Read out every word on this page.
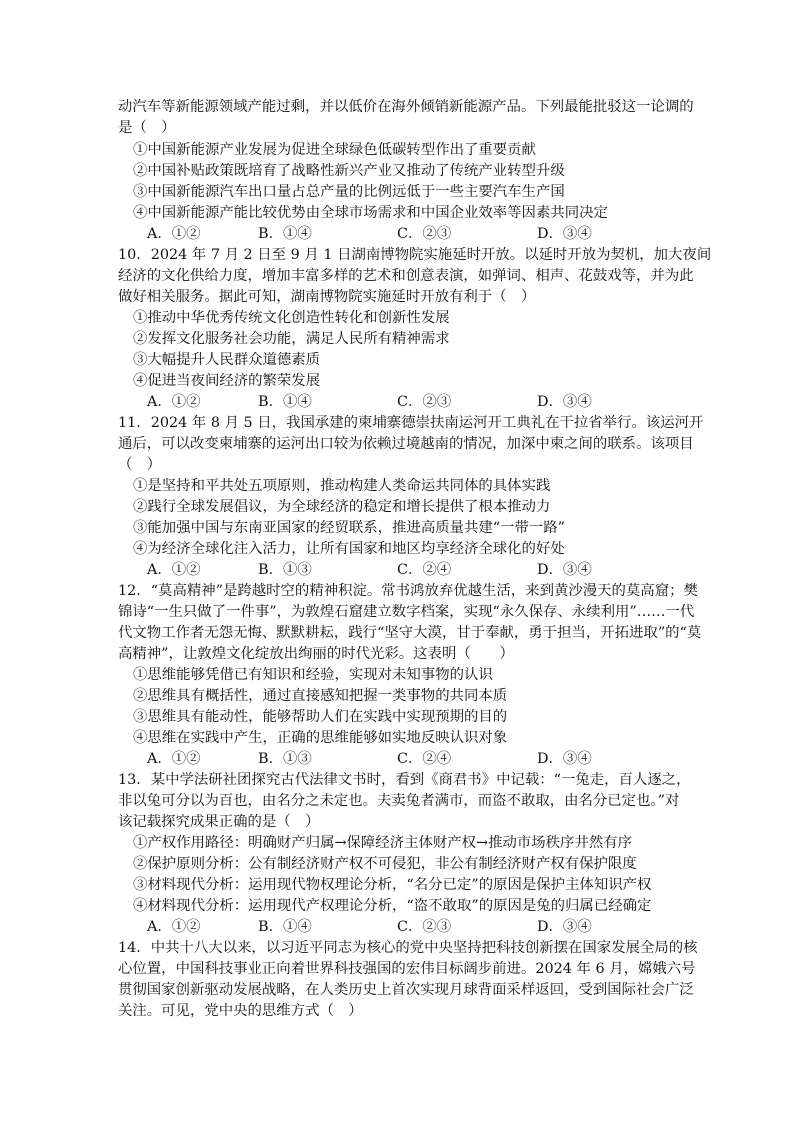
动汽车等新能源领域产能过剩，并以低价在海外倾销新能源产品。下列最能批驳这一论调的
是（　）
①中国新能源产业发展为促进全球绿色低碳转型作出了重要贡献
②中国补贴政策既培育了战略性新兴产业又推动了传统产业转型升级
③中国新能源汽车出口量占总产量的比例远低于一些主要汽车生产国
④中国新能源产能比较优势由全球市场需求和中国企业效率等因素共同决定
A．①②	B．①④	C．②③	D．③④
10．2024 年 7 月 2 日至 9 月 1 日湖南博物院实施延时开放。以延时开放为契机，加大夜间
经济的文化供给力度，增加丰富多样的艺术和创意表演，如弹词、相声、花鼓戏等，并为此
做好相关服务。据此可知，湖南博物院实施延时开放有利于（　）
①推动中华优秀传统文化创造性转化和创新性发展
②发挥文化服务社会功能，满足人民所有精神需求
③大幅提升人民群众道德素质
④促进当夜间经济的繁荣发展
A．①②	B．①④	C．②③	D．③④
11．2024 年 8 月 5 日，我国承建的柬埔寨德崇扶南运河开工典礼在干拉省举行。该运河开
通后，可以改变柬埔寨的运河出口较为依赖过境越南的情况，加深中柬之间的联系。该项目
（　）
①是坚持和平共处五项原则，推动构建人类命运共同体的具体实践
②践行全球发展倡议，为全球经济的稳定和增长提供了根本推动力
③能加强中国与东南亚国家的经贸联系，推进高质量共建“一带一路”
④为经济全球化注入活力，让所有国家和地区均享经济全球化的好处
A．①②	B．①③	C．②④	D．③④
12．“莫高精神”是跨越时空的精神积淀。常书鸿放弃优越生活，来到黄沙漫天的莫高窟；樊
锦诗“一生只做了一件事”，为敦煌石窟建立数字档案，实现“永久保存、永续利用”……一代
代文物工作者无怨无悔、默默耕耘，践行“坚守大漠，甘于奉献，勇于担当，开拓进取”的“莫
高精神”，让敦煌文化绽放出绚丽的时代光彩。这表明（　　）
①思维能够凭借已有知识和经验，实现对未知事物的认识
②思维具有概括性，通过直接感知把握一类事物的共同本质
③思维具有能动性，能够帮助人们在实践中实现预期的目的
④思维在实践中产生，正确的思维能够如实地反映认识对象
A．①②	B．①③	C．②④	D．③④
13．某中学法研社团探究古代法律文书时，看到《商君书》中记载：“一兔走，百人逐之，
非以兔可分以为百也，由名分之未定也。夫卖兔者满市，而盗不敢取，由名分已定也。”对
该记载探究成果正确的是（　）
①产权作用路径：明确财产归属→保障经济主体财产权→推动市场秩序井然有序
②保护原则分析：公有制经济财产权不可侵犯，非公有制经济财产权有保护限度
③材料现代分析：运用现代物权理论分析，“名分已定”的原因是保护主体知识产权
④材料现代分析：运用现代产权理论分析，“盗不敢取”的原因是兔的归属已经确定
A．①②	B．①④	C．②③	D．③④
14．中共十八大以来，以习近平同志为核心的党中央坚持把科技创新摆在国家发展全局的核
心位置，中国科技事业正向着世界科技强国的宏伟目标阔步前进。2024 年 6 月，嫦娥六号
贯彻国家创新驱动发展战略，在人类历史上首次实现月球背面采样返回，受到国际社会广泛
关注。可见，党中央的思维方式（　）
